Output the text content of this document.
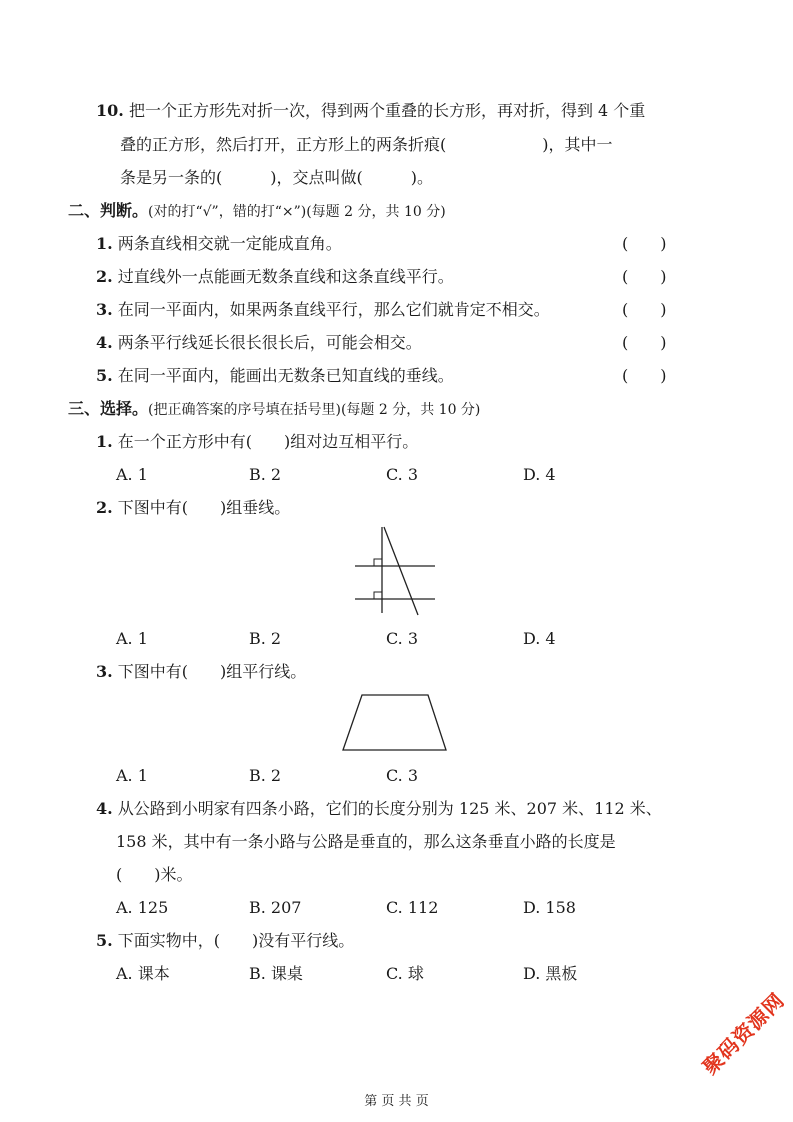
10. 把一个正方形先对折一次，得到两个重叠的长方形，再对折，得到 4 个重
叠的正方形，然后打开，正方形上的两条折痕(　　　　　　)，其中一
条是另一条的(　　　)，交点叫做(　　　)。
二、判断。(对的打“√”，错的打“×”)(每题 2 分，共 10 分)
1. 两条直线相交就一定能成直角。	(　　)
2. 过直线外一点能画无数条直线和这条直线平行。	(　　)
3. 在同一平面内，如果两条直线平行，那么它们就肯定不相交。	(　　)
4. 两条平行线延长很长很长后，可能会相交。	(　　)
5. 在同一平面内，能画出无数条已知直线的垂线。	(　　)
三、选择。(把正确答案的序号填在括号里)(每题 2 分，共 10 分)
1. 在一个正方形中有(　　)组对边互相平行。
A. 1	B. 2	C. 3	D. 4
2. 下图中有(　　)组垂线。
A. 1	B. 2	C. 3	D. 4
3. 下图中有(　　)组平行线。
A. 1	B. 2	C. 3
4. 从公路到小明家有四条小路，它们的长度分别为 125 米、207 米、112 米、
158 米，其中有一条小路与公路是垂直的，那么这条垂直小路的长度是
(　　)米。
A. 125	B. 207	C. 112	D. 158
5. 下面实物中，(　　)没有平行线。
A. 课本	B. 课桌	C. 球	D. 黑板
聚码资源网
第 页 共 页
